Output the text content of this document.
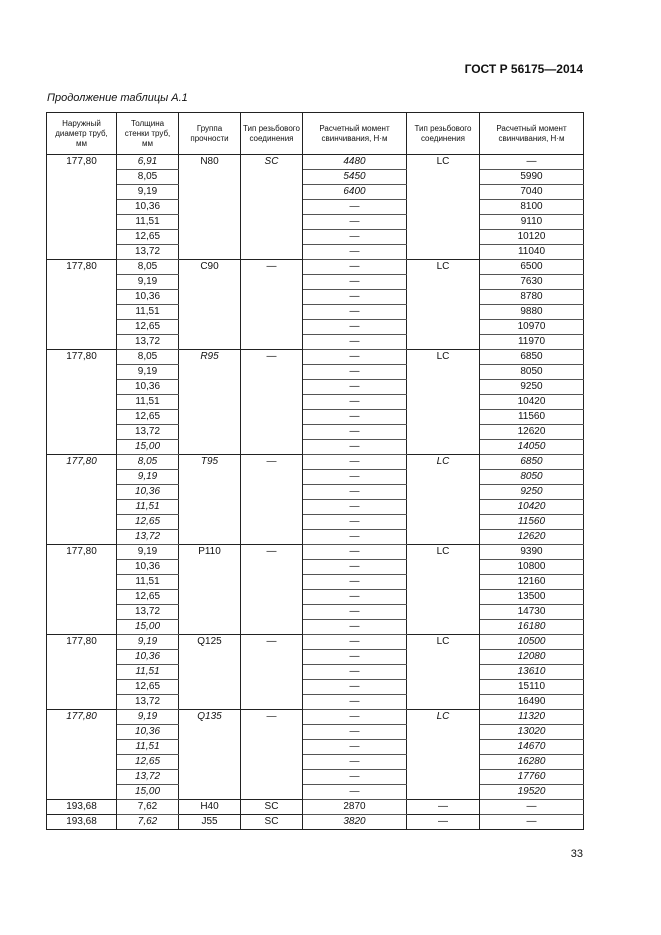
ГОСТ Р 56175—2014
Продолжение таблицы А.1
Наружный диаметр труб, мм	Толщина стенки труб, мм	Группа прочности	Тип резьбового соединения	Расчетный момент свинчивания, Н·м	Тип резьбового соединения	Расчетный момент свинчивания, Н·м
177,80	6,91	N80	SC	4480	LC	—
	8,05			5450		5990
	9,19			6400		7040
	10,36			—		8100
	11,51			—		9110
	12,65			—		10120
	13,72			—		11040
177,80	8,05	C90	—	—	LC	6500
	9,19			—		7630
	10,36			—		8780
	11,51			—		9880
	12,65			—		10970
	13,72			—		11970
177,80	8,05	R95	—	—	LC	6850
	9,19			—		8050
	10,36			—		9250
	11,51			—		10420
	12,65			—		11560
	13,72			—		12620
	15,00			—		14050
177,80	8,05	T95	—	—	LC	6850
	9,19			—		8050
	10,36			—		9250
	11,51			—		10420
	12,65			—		11560
	13,72			—		12620
177,80	9,19	P110	—	—	LC	9390
	10,36			—		10800
	11,51			—		12160
	12,65			—		13500
	13,72			—		14730
	15,00			—		16180
177,80	9,19	Q125	—	—	LC	10500
	10,36			—		12080
	11,51			—		13610
	12,65			—		15110
	13,72			—		16490
177,80	9,19	Q135	—	—	LC	11320
	10,36			—		13020
	11,51			—		14670
	12,65			—		16280
	13,72			—		17760
	15,00			—		19520
193,68	7,62	H40	SC	2870	—	—
193,68	7,62	J55	SC	3820	—	—
33
